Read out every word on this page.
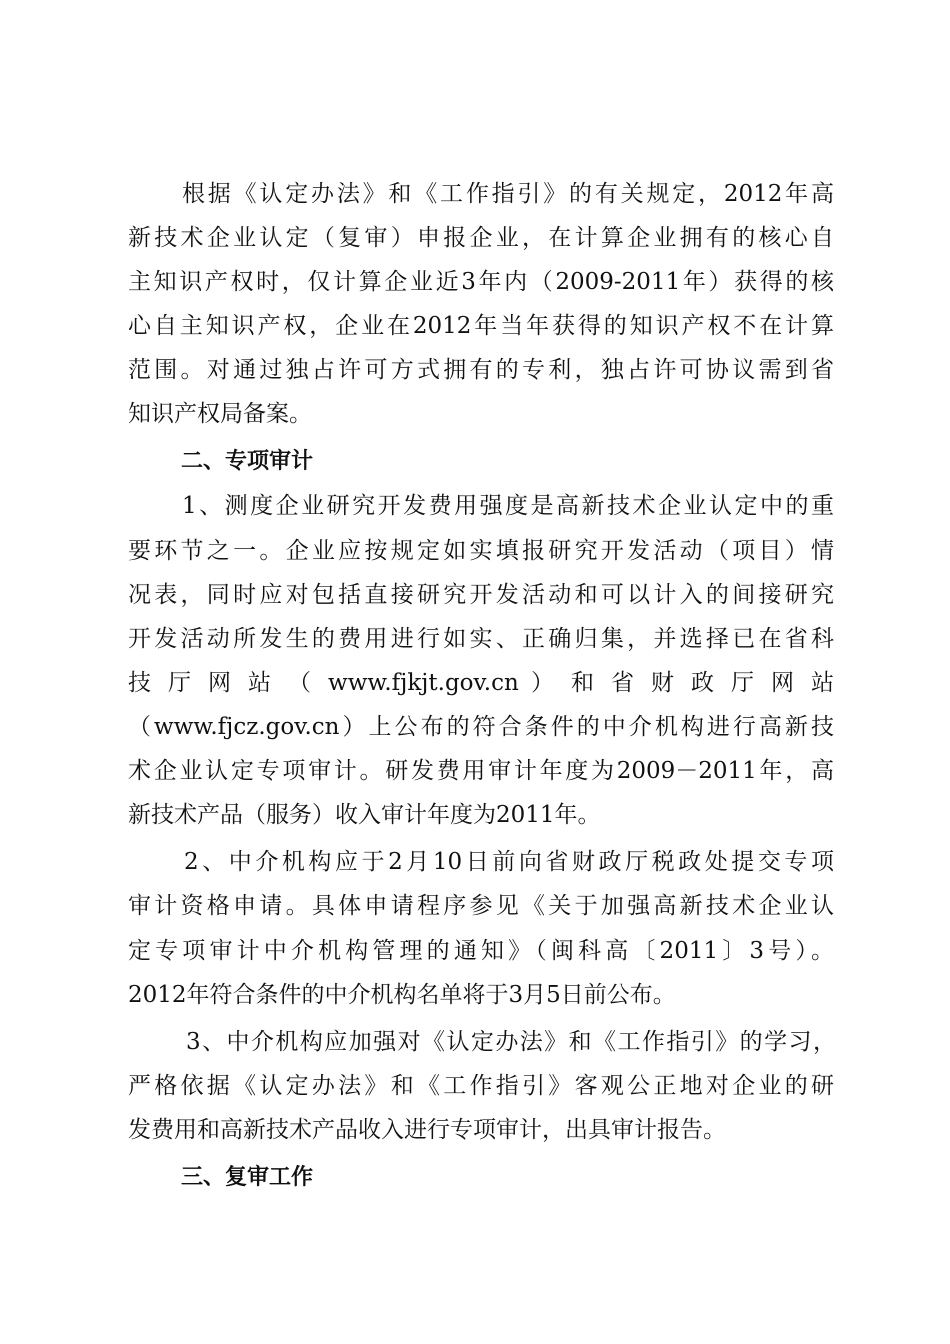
根据《认定办法》和《工作指引》的有关规定，2012年高
新技术企业认定（复审）申报企业，在计算企业拥有的核心自
主知识产权时，仅计算企业近3年内（2009-2011年）获得的核
心自主知识产权，企业在2012年当年获得的知识产权不在计算
范围。对通过独占许可方式拥有的专利，独占许可协议需到省
知识产权局备案。
二、专项审计
1、测度企业研究开发费用强度是高新技术企业认定中的重
要环节之一。企业应按规定如实填报研究开发活动（项目）情
况表，同时应对包括直接研究开发活动和可以计入的间接研究
开发活动所发生的费用进行如实、正确归集，并选择已在省科
技 厅 网 站 （ www.fjkjt.gov.cn ） 和 省 财 政 厅 网 站
（www.fjcz.gov.cn）上公布的符合条件的中介机构进行高新技
术企业认定专项审计。研发费用审计年度为2009－2011年，高
新技术产品（服务）收入审计年度为2011年。
2、中介机构应于2月10日前向省财政厅税政处提交专项
审计资格申请。具体申请程序参见《关于加强高新技术企业认
定专项审计中介机构管理的通知》（闽科高〔2011〕3号）。
2012年符合条件的中介机构名单将于3月5日前公布。
3、中介机构应加强对《认定办法》和《工作指引》的学习，
严格依据《认定办法》和《工作指引》客观公正地对企业的研
发费用和高新技术产品收入进行专项审计，出具审计报告。
三、复审工作
